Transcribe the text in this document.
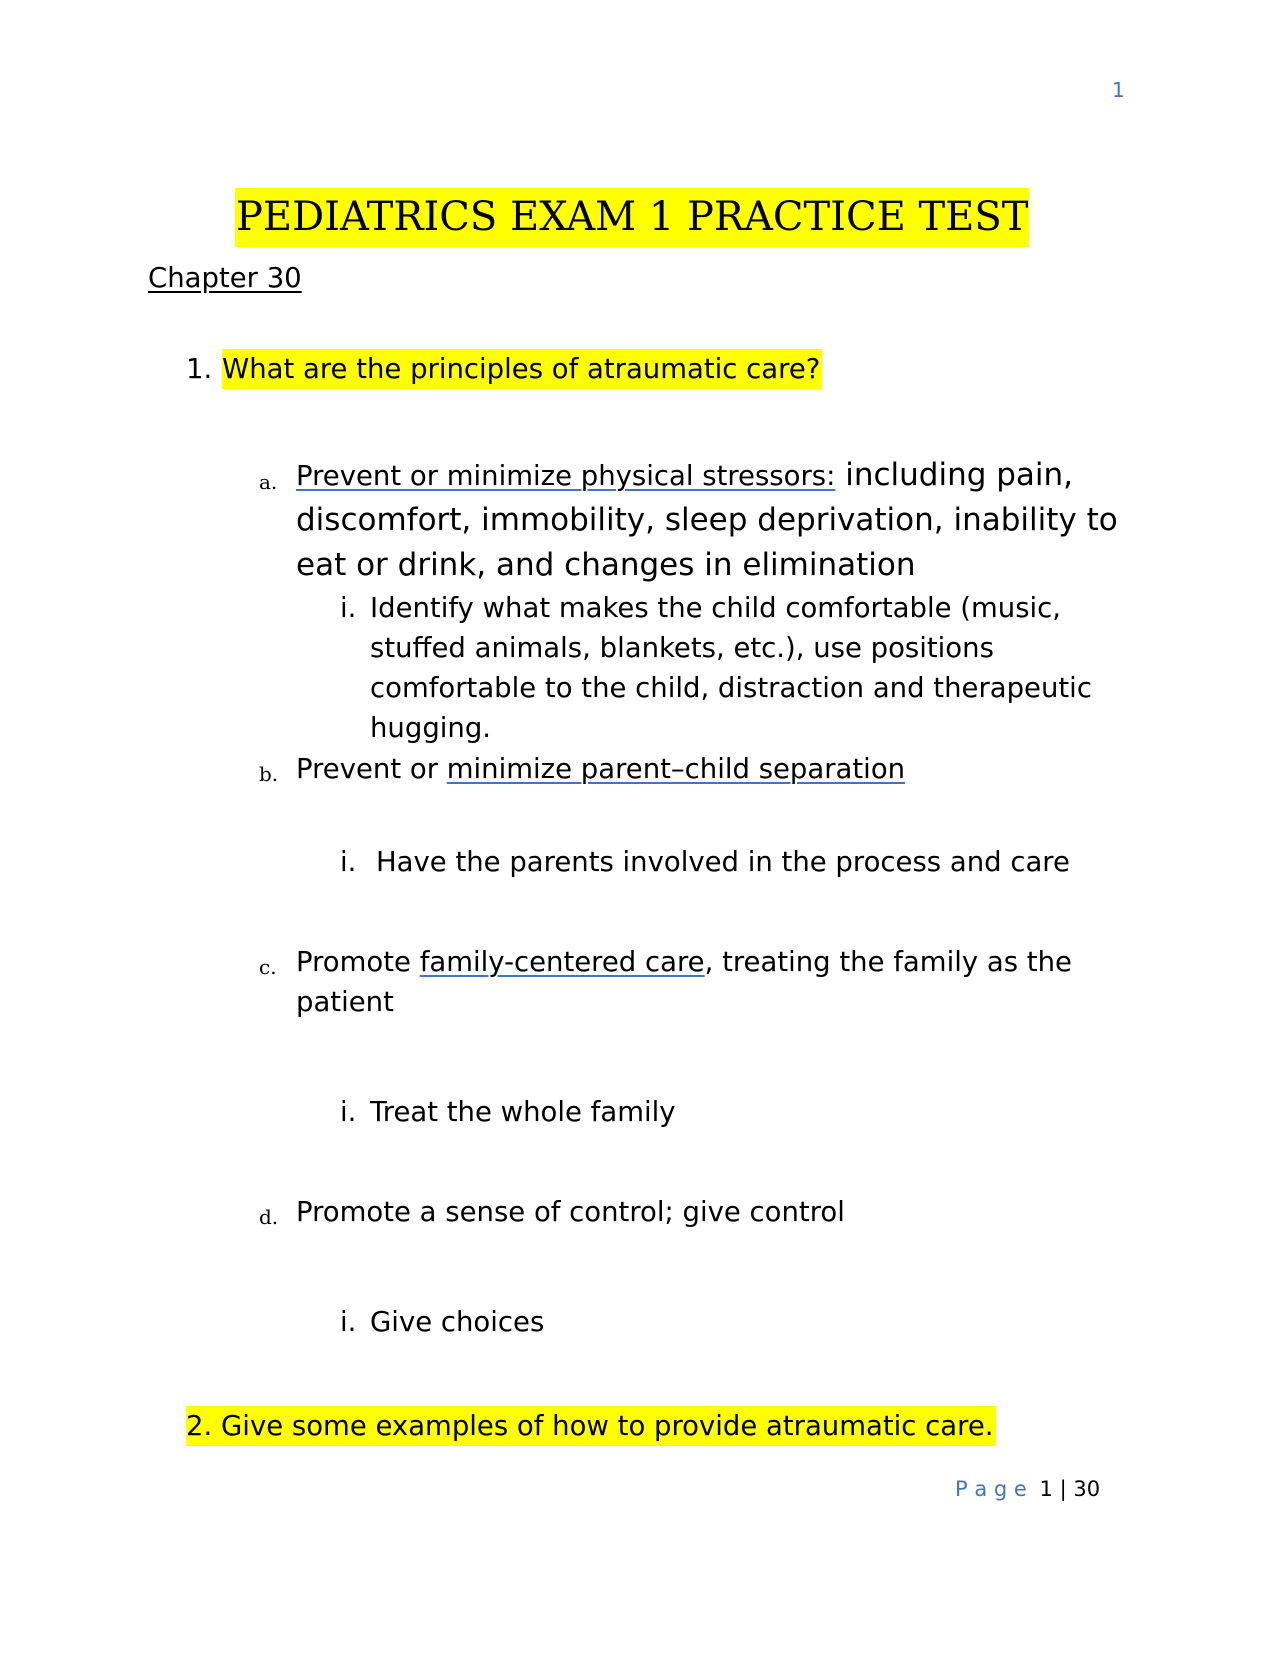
1
PEDIATRICS EXAM 1 PRACTICE TEST
Chapter 30
1. What are the principles of atraumatic care?
a. Prevent or minimize physical stressors: including pain,
discomfort, immobility, sleep deprivation, inability to
eat or drink, and changes in elimination
i. Identify what makes the child comfortable (music,
stuffed animals, blankets, etc.), use positions
comfortable to the child, distraction and therapeutic
hugging.
b. Prevent or minimize parent–child separation
i. Have the parents involved in the process and care
c. Promote family-centered care, treating the family as the
patient
i. Treat the whole family
d. Promote a sense of control; give control
i. Give choices
2. Give some examples of how to provide atraumatic care.
P a g e 1 | 30
